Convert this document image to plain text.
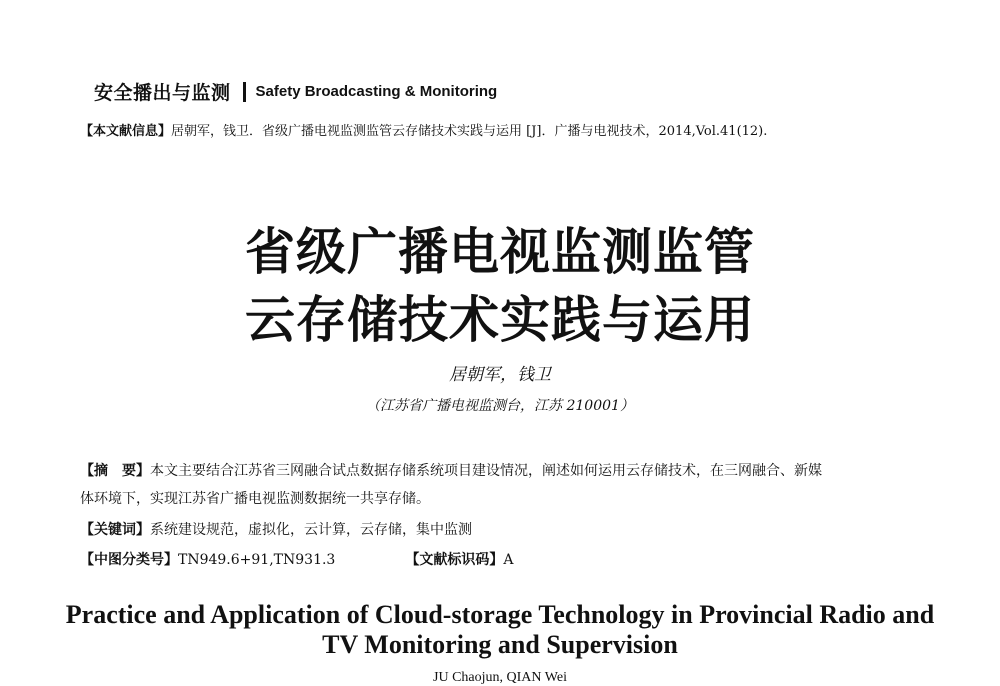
安全播出与监测 Safety Broadcasting & Monitoring
【本文献信息】居朝军，钱卫．省级广播电视监测监管云存储技术实践与运用 [J]．广播与电视技术，2014,Vol.41(12).
省级广播电视监测监管
云存储技术实践与运用
居朝军，钱卫
（江苏省广播电视监测台，江苏 210001）
【摘　要】本文主要结合江苏省三网融合试点数据存储系统项目建设情况，阐述如何运用云存储技术，在三网融合、新媒
体环境下，实现江苏省广播电视监测数据统一共享存储。
【关键词】系统建设规范，虚拟化，云计算，云存储，集中监测
【中图分类号】TN949.6+91,TN931.3	【文献标识码】A
Practice and Application of Cloud-storage Technology in Provincial Radio and
TV Monitoring and Supervision
JU Chaojun, QIAN Wei
